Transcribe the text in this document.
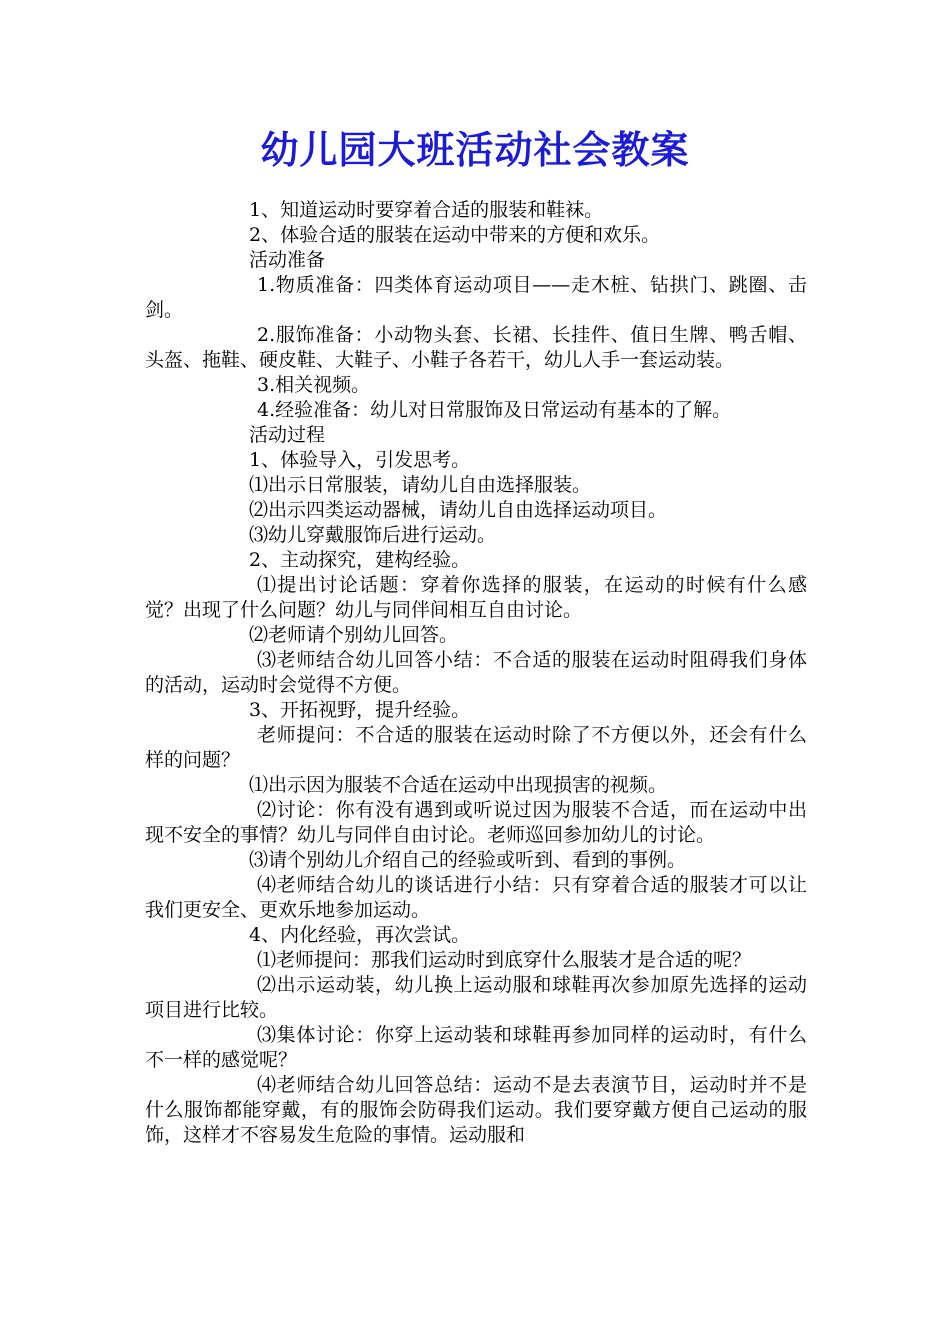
幼儿园大班活动社会教案

1、知道运动时要穿着合适的服装和鞋袜。

2、体验合适的服装在运动中带来的方便和欢乐。

活动准备

1.物质准备：四类体育运动项目——走木桩、钻拱门、跳圈、击剑。

2.服饰准备：小动物头套、长裙、长挂件、值日生牌、鸭舌帽、头盔、拖鞋、硬皮鞋、大鞋子、小鞋子各若干，幼儿人手一套运动装。

3.相关视频。

4.经验准备：幼儿对日常服饰及日常运动有基本的了解。

活动过程

1、体验导入，引发思考。

⑴出示日常服装，请幼儿自由选择服装。

⑵出示四类运动器械，请幼儿自由选择运动项目。

⑶幼儿穿戴服饰后进行运动。

2、主动探究，建构经验。

⑴提出讨论话题：穿着你选择的服装，在运动的时候有什么感觉？出现了什么问题？幼儿与同伴间相互自由讨论。

⑵老师请个别幼儿回答。

⑶老师结合幼儿回答小结：不合适的服装在运动时阻碍我们身体的活动，运动时会觉得不方便。

3、开拓视野，提升经验。

老师提问：不合适的服装在运动时除了不方便以外，还会有什么样的问题？

⑴出示因为服装不合适在运动中出现损害的视频。

⑵讨论：你有没有遇到或听说过因为服装不合适，而在运动中出现不安全的事情？幼儿与同伴自由讨论。老师巡回参加幼儿的讨论。

⑶请个别幼儿介绍自己的经验或听到、看到的事例。

⑷老师结合幼儿的谈话进行小结：只有穿着合适的服装才可以让我们更安全、更欢乐地参加运动。

4、内化经验，再次尝试。

⑴老师提问：那我们运动时到底穿什么服装才是合适的呢？

⑵出示运动装，幼儿换上运动服和球鞋再次参加原先选择的运动项目进行比较。

⑶集体讨论：你穿上运动装和球鞋再参加同样的运动时，有什么不一样的感觉呢？

⑷老师结合幼儿回答总结：运动不是去表演节目，运动时并不是什么服饰都能穿戴，有的服饰会防碍我们运动。我们要穿戴方便自己运动的服饰，这样才不容易发生危险的事情。运动服和
